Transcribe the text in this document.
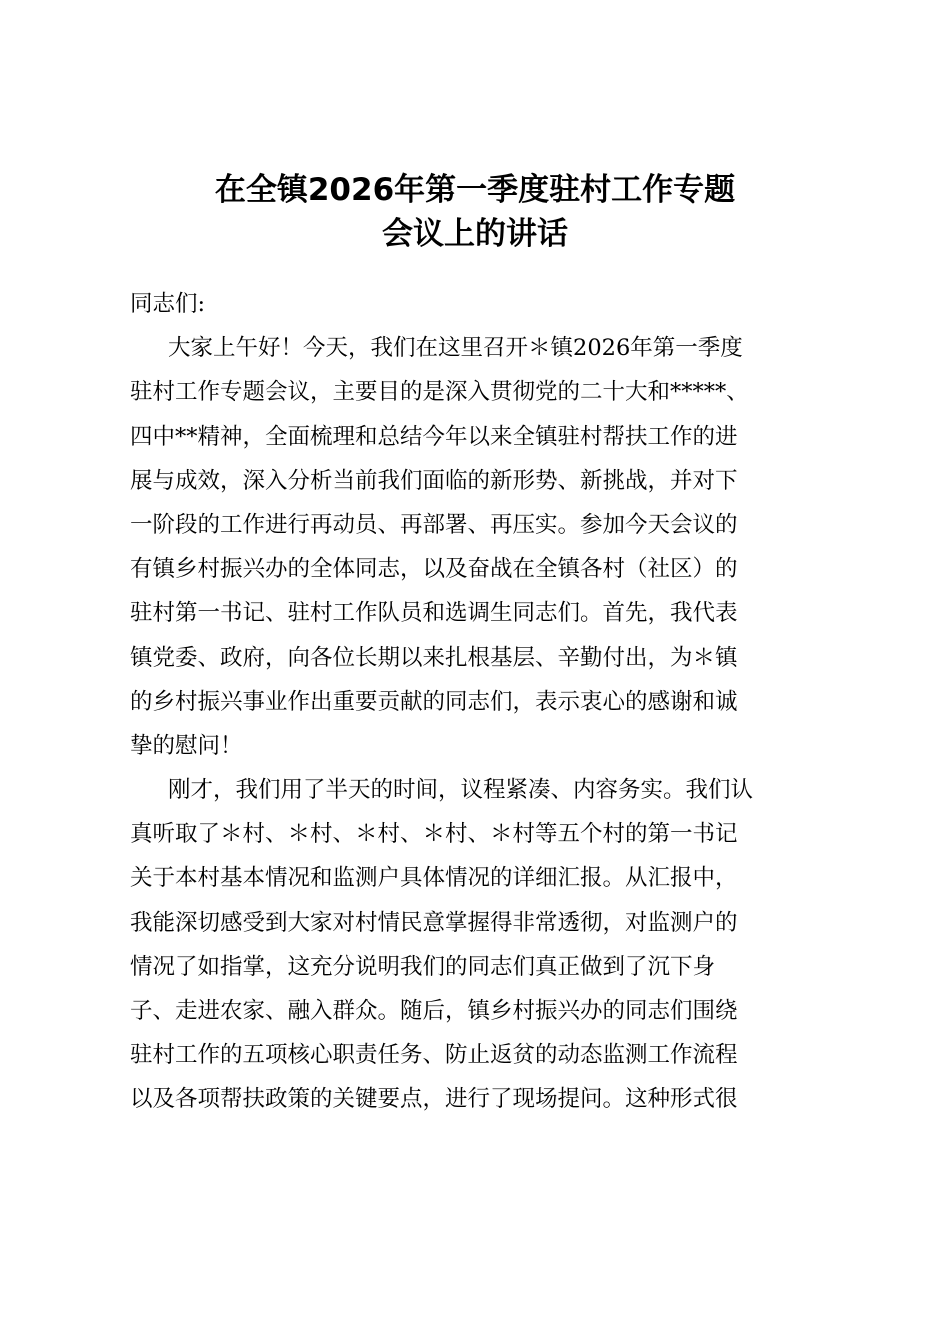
在全镇2026年第一季度驻村工作专题
会议上的讲话
同志们:
大家上午好！今天，我们在这里召开＊镇2026年第一季度
驻村工作专题会议，主要目的是深入贯彻党的二十大和*****、
四中**精神，全面梳理和总结今年以来全镇驻村帮扶工作的进
展与成效，深入分析当前我们面临的新形势、新挑战，并对下
一阶段的工作进行再动员、再部署、再压实。参加今天会议的
有镇乡村振兴办的全体同志，以及奋战在全镇各村（社区）的
驻村第一书记、驻村工作队员和选调生同志们。首先，我代表
镇党委、政府，向各位长期以来扎根基层、辛勤付出，为＊镇
的乡村振兴事业作出重要贡献的同志们，表示衷心的感谢和诚
挚的慰问！
刚才，我们用了半天的时间，议程紧凑、内容务实。我们认
真听取了＊村、＊村、＊村、＊村、＊村等五个村的第一书记
关于本村基本情况和监测户具体情况的详细汇报。从汇报中，
我能深切感受到大家对村情民意掌握得非常透彻，对监测户的
情况了如指掌，这充分说明我们的同志们真正做到了沉下身
子、走进农家、融入群众。随后，镇乡村振兴办的同志们围绕
驻村工作的五项核心职责任务、防止返贫的动态监测工作流程
以及各项帮扶政策的关键要点，进行了现场提问。这种形式很
